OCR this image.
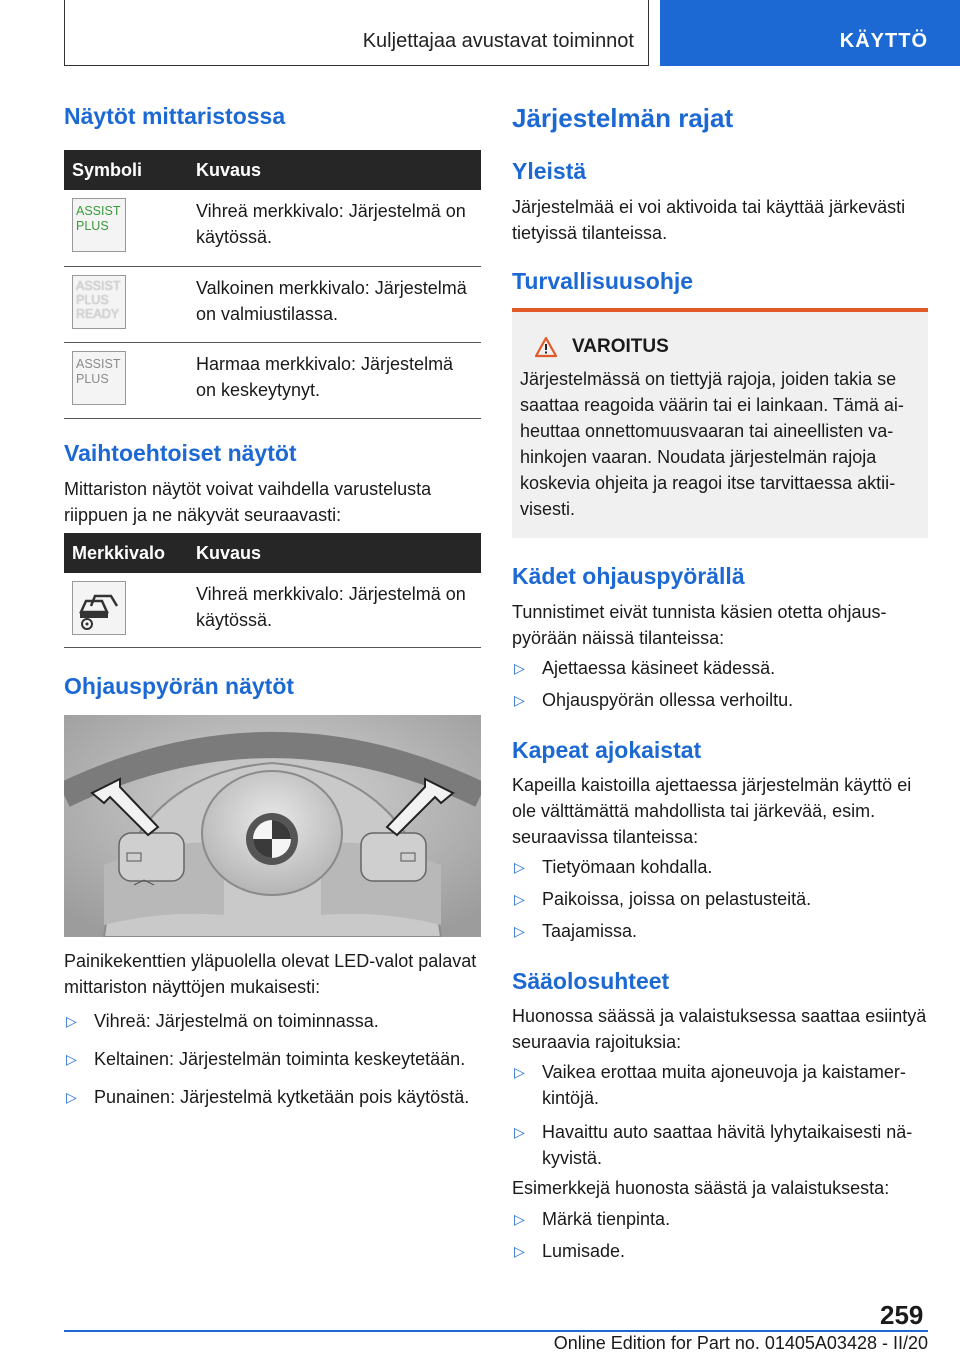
Kuljettajaa avustavat toiminnot	KÄYTTÖ
Näytöt mittaristossa
Symboli	Kuvaus

ASSIST
PLUS	Vihreä merkkivalo: Järjestelmä on käytössä.

ASSIST
PLUS
READY	Valkoinen merkkivalo: Järjestelmä on valmiustilassa.

ASSIST
PLUS	Harmaa merkkivalo: Järjestelmä on keskeytynyt.
Vaihtoehtoiset näytöt
Mittariston näytöt voivat vaihdella varustelusta riippuen ja ne näkyvät seuraavasti:
Merkkivalo	Kuvaus

	Vihreä merkkivalo: Järjestelmä on käytössä.
Ohjauspyörän näytöt
Painikekenttien yläpuolella olevat LED-valot palavat mittariston näyttöjen mukaisesti:
▷ Vihreä: Järjestelmä on toiminnassa.
▷ Keltainen: Järjestelmän toiminta keskeytetään.
▷ Punainen: Järjestelmä kytketään pois käytöstä.
Järjestelmän rajat
Yleistä
Järjestelmää ei voi aktivoida tai käyttää järkevästi tietyissä tilanteissa.
Turvallisuusohje
VAROITUS
Järjestelmässä on tiettyjä rajoja, joiden takia se saattaa reagoida väärin tai ei lainkaan. Tämä aiheuttaa onnettomuusvaaran tai aineellisten vahinkojen vaaran. Noudata järjestelmän rajoja koskevia ohjeita ja reagoi itse tarvittaessa aktiivisesti.
Kädet ohjauspyörällä
Tunnistimet eivät tunnista käsien otetta ohjauspyörään näissä tilanteissa:
▷ Ajettaessa käsineet kädessä.
▷ Ohjauspyörän ollessa verhoiltu.
Kapeat ajokaistat
Kapeilla kaistoilla ajettaessa järjestelmän käyttö ei ole välttämättä mahdollista tai järkevää, esim. seuraavissa tilanteissa:
▷ Tietyömaan kohdalla.
▷ Paikoissa, joissa on pelastusteitä.
▷ Taajamissa.
Sääolosuhteet
Huonossa säässä ja valaistuksessa saattaa esiintyä seuraavia rajoituksia:
▷ Vaikea erottaa muita ajoneuvoja ja kaistamerkintöjä.
▷ Havaittu auto saattaa hävitä lyhytaikaisesti näkyvistä.
Esimerkkejä huonosta säästä ja valaistuksesta:
▷ Märkä tienpinta.
▷ Lumisade.
259
Online Edition for Part no. 01405A03428 - II/20
